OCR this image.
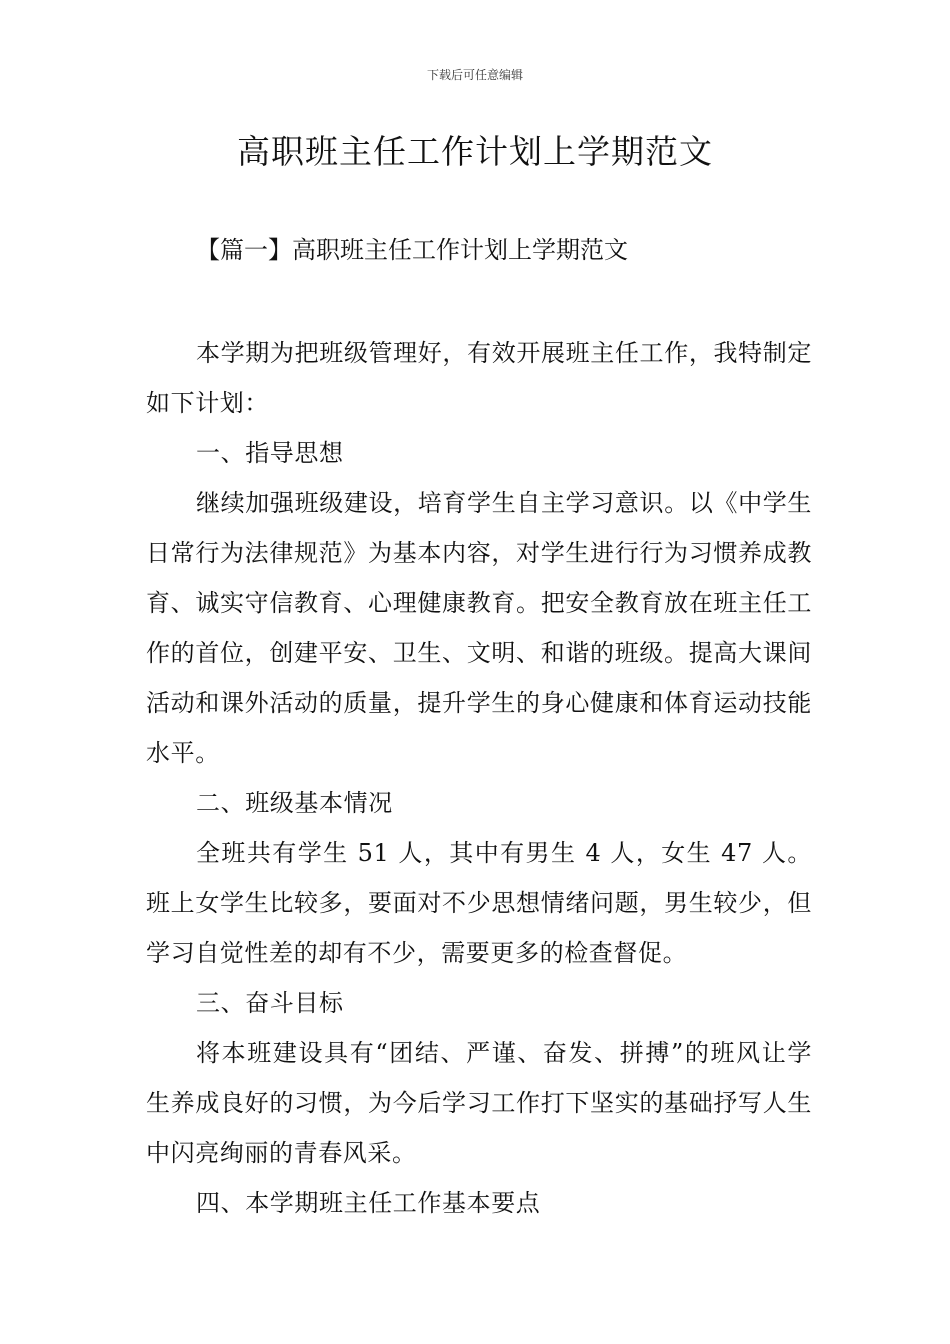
下载后可任意编辑
高职班主任工作计划上学期范文
【篇一】高职班主任工作计划上学期范文

本学期为把班级管理好，有效开展班主任工作，我特制定如下计划：

一、指导思想

继续加强班级建设，培育学生自主学习意识。以《中学生日常行为法律规范》为基本内容，对学生进行行为习惯养成教育、诚实守信教育、心理健康教育。把安全教育放在班主任工作的首位，创建平安、卫生、文明、和谐的班级。提高大课间活动和课外活动的质量，提升学生的身心健康和体育运动技能水平。

二、班级基本情况

全班共有学生 51 人，其中有男生 4 人，女生 47 人。班上女学生比较多，要面对不少思想情绪问题，男生较少，但学习自觉性差的却有不少，需要更多的检查督促。

三、奋斗目标

将本班建设具有“团结、严谨、奋发、拼搏”的班风让学生养成良好的习惯，为今后学习工作打下坚实的基础抒写人生中闪亮绚丽的青春风采。

四、本学期班主任工作基本要点
